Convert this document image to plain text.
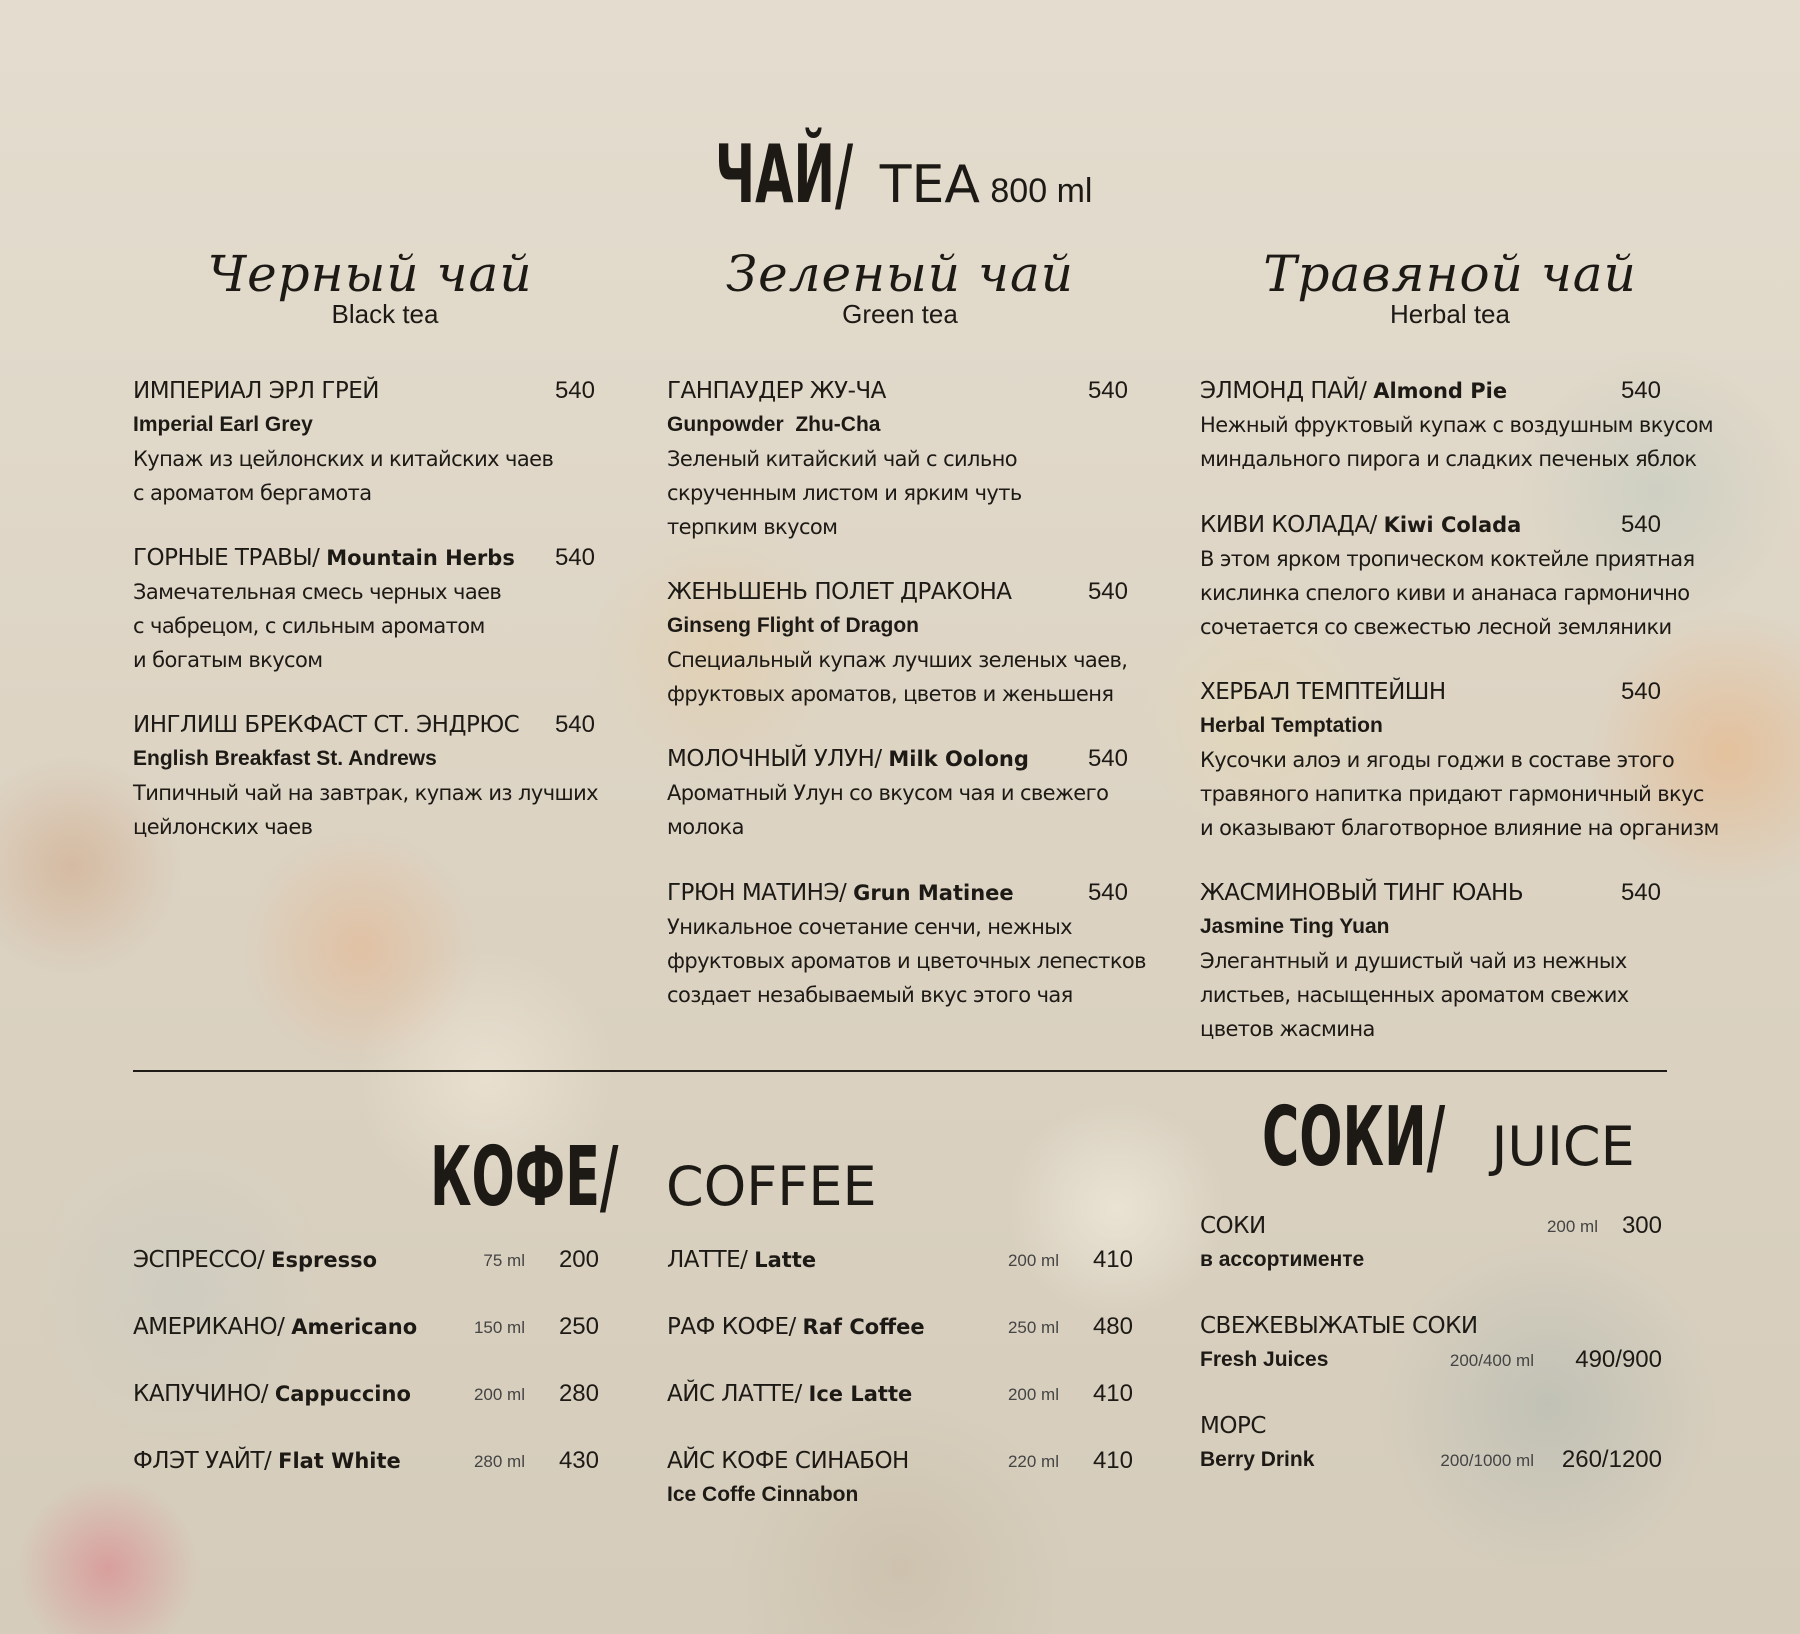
ЧАЙ/ TEA 800 ml
Черный чай
Black tea
Зеленый чай
Green tea
Травяной чай
Herbal tea
ИМПЕРИАЛ ЭРЛ ГРЕЙ	540
Imperial Earl Grey
Купаж из цейлонских и китайских чаев
с ароматом бергамота
ГОРНЫЕ ТРАВЫ/ Mountain Herbs	540
Замечательная смесь черных чаев
с чабрецом, с сильным ароматом
и богатым вкусом
ИНГЛИШ БРЕКФАСТ СТ. ЭНДРЮС	540
English Breakfast St. Andrews
Типичный чай на завтрак, купаж из лучших
цейлонских чаев
ГАНПАУДЕР ЖУ-ЧА	540
Gunpowder  Zhu-Cha
Зеленый китайский чай с сильно
скрученным листом и ярким чуть
терпким вкусом
ЖЕНЬШЕНЬ ПОЛЕТ ДРАКОНА	540
Ginseng Flight of Dragon
Специальный купаж лучших зеленых чаев,
фруктовых ароматов, цветов и женьшеня
МОЛОЧНЫЙ УЛУН/ Milk Oolong	540
Ароматный Улун со вкусом чая и свежего
молока
ГРЮН МАТИНЭ/ Grun Matinee	540
Уникальное сочетание сенчи, нежных
фруктовых ароматов и цветочных лепестков
создает незабываемый вкус этого чая
ЭЛМОНД ПАЙ/ Almond Pie	540
Нежный фруктовый купаж с воздушным вкусом
миндального пирога и сладких печеных яблок
КИВИ КОЛАДА/ Kiwi Colada	540
В этом ярком тропическом коктейле приятная
кислинка спелого киви и ананаса гармонично
сочетается со свежестью лесной земляники
ХЕРБАЛ ТЕМПТЕЙШН	540
Herbal Temptation
Кусочки алоэ и ягоды годжи в составе этого
травяного напитка придают гармоничный вкус
и оказывают благотворное влияние на организм
ЖАСМИНОВЫЙ ТИНГ ЮАНЬ	540
Jasmine Ting Yuan
Элегантный и душистый чай из нежных
листьев, насыщенных ароматом свежих
цветов жасмина
КОФЕ/ COFFEE
ЭСПРЕССО/ Espresso	75 ml 200
АМЕРИКАНО/ Americano	150 ml 250
КАПУЧИНО/ Cappuccino	200 ml 280
ФЛЭТ УАЙТ/ Flat White	280 ml 430
ЛАТТЕ/ Latte	200 ml 410
РАФ КОФЕ/ Raf Coffee	250 ml 480
АЙС ЛАТТЕ/ Ice Latte	200 ml 410
АЙС КОФЕ СИНАБОН	220 ml 410
Ice Coffe Cinnabon
СОКИ/ JUICE
СОКИ	200 ml 300
в ассортименте
СВЕЖЕВЫЖАТЫЕ СОКИ
Fresh Juices	200/400 ml 490/900
МОРС
Berry Drink	200/1000 ml 260/1200
